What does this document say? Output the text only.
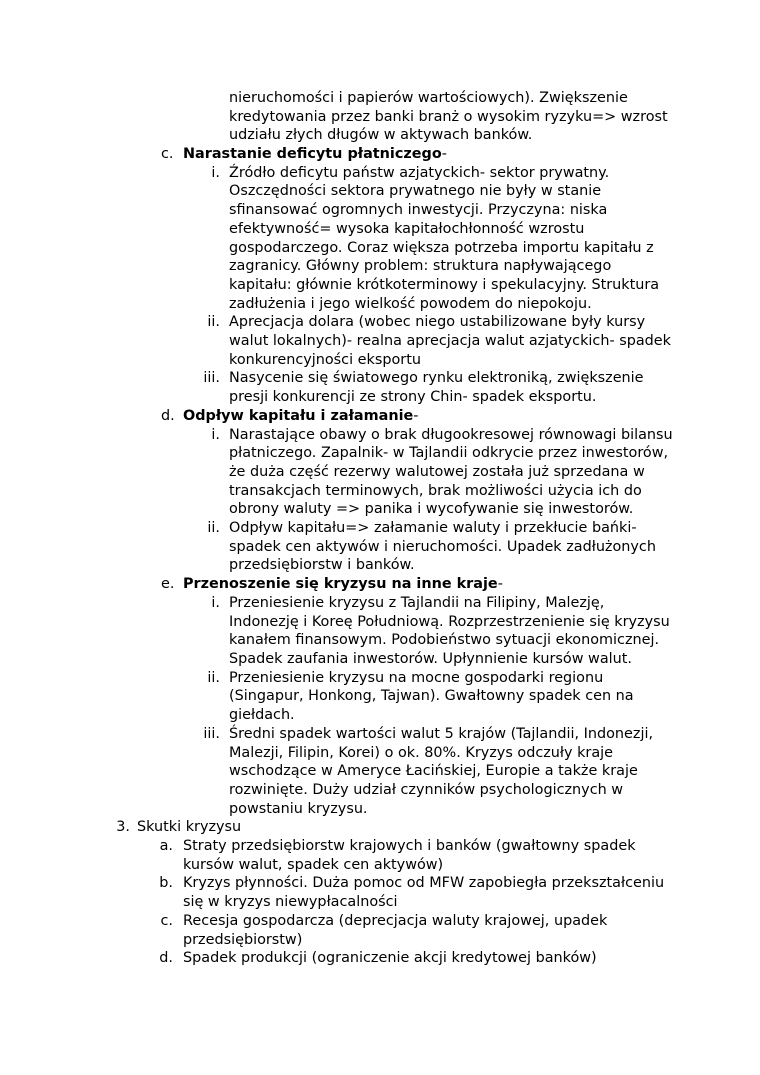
nieruchomości i papierów wartościowych). Zwiększenie kredytowania przez banki branż o wysokim ryzyku=> wzrost udziału złych długów w aktywach banków.
c. Narastanie deficytu płatniczego-
i. Źródło deficytu państw azjatyckich- sektor prywatny. Oszczędności sektora prywatnego nie były w stanie sfinansować ogromnych inwestycji. Przyczyna: niska efektywność= wysoka kapitałochłonność wzrostu gospodarczego. Coraz większa potrzeba importu kapitału z zagranicy. Główny problem: struktura napływającego kapitału: głównie krótkoterminowy i spekulacyjny. Struktura zadłużenia i jego wielkość powodem do niepokoju.
ii. Aprecjacja dolara (wobec niego ustabilizowane były kursy walut lokalnych)- realna aprecjacja walut azjatyckich- spadek konkurencyjności eksportu
iii. Nasycenie się światowego rynku elektroniką, zwiększenie presji konkurencji ze strony Chin- spadek eksportu.
d. Odpływ kapitału i załamanie-
i. Narastające obawy o brak długookresowej równowagi bilansu płatniczego. Zapalnik- w Tajlandii odkrycie przez inwestorów, że duża część rezerwy walutowej została już sprzedana w transakcjach terminowych, brak możliwości użycia ich do obrony waluty => panika i wycofywanie się inwestorów.
ii. Odpływ kapitału=> załamanie waluty i przekłucie bańki- spadek cen aktywów i nieruchomości. Upadek zadłużonych przedsiębiorstw i banków.
e. Przenoszenie się kryzysu na inne kraje-
i. Przeniesienie kryzysu z Tajlandii na Filipiny, Malezję, Indonezję i Koreę Południową. Rozprzestrzenienie się kryzysu kanałem finansowym. Podobieństwo sytuacji ekonomicznej. Spadek zaufania inwestorów. Upłynnienie kursów walut.
ii. Przeniesienie kryzysu na mocne gospodarki regionu (Singapur, Honkong, Tajwan). Gwałtowny spadek cen na giełdach.
iii. Średni spadek wartości walut 5 krajów (Tajlandii, Indonezji, Malezji, Filipin, Korei) o ok. 80%. Kryzys odczuły kraje wschodzące w Ameryce Łacińskiej, Europie a także kraje rozwinięte. Duży udział czynników psychologicznych w powstaniu kryzysu.
3. Skutki kryzysu
a. Straty przedsiębiorstw krajowych i banków (gwałtowny spadek kursów walut, spadek cen aktywów)
b. Kryzys płynności. Duża pomoc od MFW zapobiegła przekształceniu się w kryzys niewypłacalności
c. Recesja gospodarcza (deprecjacja waluty krajowej, upadek przedsiębiorstw)
d. Spadek produkcji (ograniczenie akcji kredytowej banków)
